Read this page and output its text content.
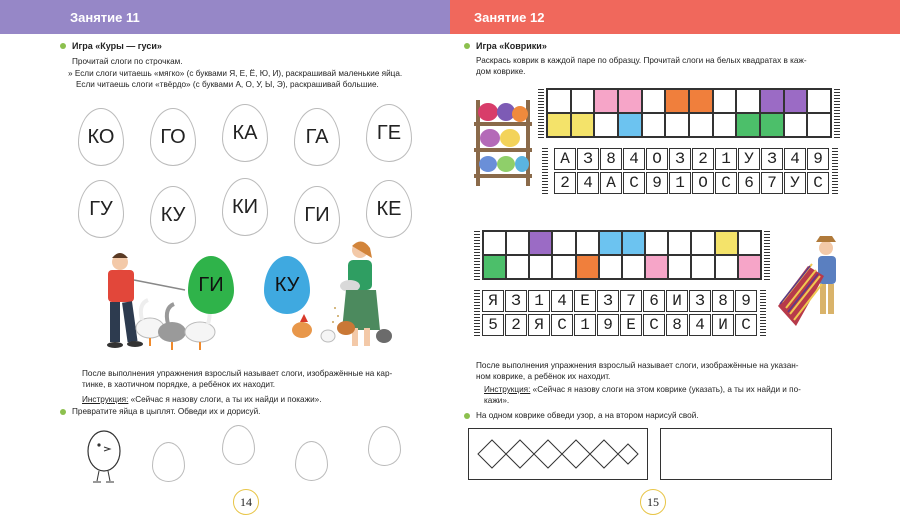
Занятие 11
Игра «Куры — гуси»
Прочитай слоги по строчкам.
» Если слоги читаешь «мягко» (с буквами Я, Е, Ё, Ю, И), раскрашивай маленькие яйца.
Если читаешь слоги «твёрдо» (с буквами А, О, У, Ы, Э), раскрашивай большие.
КО ГО КА ГА ГЕ
ГУ КУ КИ ГИ КЕ
ГИ	КУ
После выполнения упражнения взрослый называет слоги, изображённые на кар-
тинке, в хаотичном порядке, а ребёнок их находит.
Инструкция: «Сейчас я назову слоги, а ты их найди и покажи».
Превратите яйца в цыплят. Обведи их и дорисуй.
14
Занятие 12
Игра «Коврики»
Раскрась коврик в каждой паре по образцу. Прочитай слоги на белых квадратах в каж-
дом коврике.
А З 8 4 О З 2 1 У З 4 9
2 4 А С 9 1 О С 6 7 У С
Я З 1 4 Е З 7 6 И З 8 9
5 2 Я С 1 9 Е С 8 4 И С
После выполнения упражнения взрослый называет слоги, изображённые на указан-
ном коврике, а ребёнок их находит.
Инструкция: «Сейчас я назову слоги на этом коврике (указать), а ты их найди и по-
кажи».
На одном коврике обведи узор, а на втором нарисуй свой.
15
